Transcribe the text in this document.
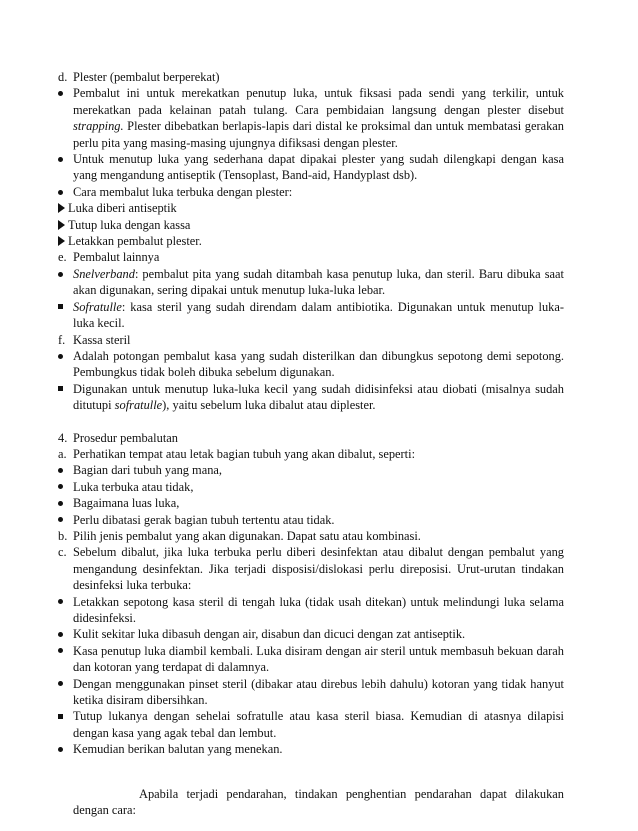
d. Plester (pembalut berperekat)

Pembalut ini untuk merekatkan penutup luka, untuk fiksasi pada sendi yang terkilir, untuk merekatkan pada kelainan patah tulang. Cara pembidaian langsung dengan plester disebut strapping. Plester dibebatkan berlapis-lapis dari distal ke proksimal dan untuk membatasi gerakan perlu pita yang masing-masing ujungnya difiksasi dengan plester.

Untuk menutup luka yang sederhana dapat dipakai plester yang sudah dilengkapi dengan kasa yang mengandung antiseptik (Tensoplast, Band-aid, Handyplast dsb).

Cara membalut luka terbuka dengan plester:

Luka diberi antiseptik

Tutup luka dengan kassa

Letakkan pembalut plester.

e. Pembalut lainnya

Snelverband: pembalut pita yang sudah ditambah kasa penutup luka, dan steril. Baru dibuka saat akan digunakan, sering dipakai untuk menutup luka-luka lebar.

Sofratulle: kasa steril yang sudah direndam dalam antibiotika. Digunakan untuk menutup luka-luka kecil.

f. Kassa steril

Adalah potongan pembalut kasa yang sudah disterilkan dan dibungkus sepotong demi sepotong. Pembungkus tidak boleh dibuka sebelum digunakan.

Digunakan untuk menutup luka-luka kecil yang sudah didisinfeksi atau diobati (misalnya sudah ditutupi sofratulle), yaitu sebelum luka dibalut atau diplester.

4. Prosedur pembalutan

a. Perhatikan tempat atau letak bagian tubuh yang akan dibalut, seperti:

Bagian dari tubuh yang mana,

Luka terbuka atau tidak,

Bagaimana luas luka,

Perlu dibatasi gerak bagian tubuh tertentu atau tidak.

b. Pilih jenis pembalut yang akan digunakan. Dapat satu atau kombinasi.

c. Sebelum dibalut, jika luka terbuka perlu diberi desinfektan atau dibalut dengan pembalut yang mengandung desinfektan. Jika terjadi disposisi/dislokasi perlu direposisi. Urut-urutan tindakan desinfeksi luka terbuka:

Letakkan sepotong kasa steril di tengah luka (tidak usah ditekan) untuk melindungi luka selama didesinfeksi.

Kulit sekitar luka dibasuh dengan air, disabun dan dicuci dengan zat antiseptik.

Kasa penutup luka diambil kembali. Luka disiram dengan air steril untuk membasuh bekuan darah dan kotoran yang terdapat di dalamnya.

Dengan menggunakan pinset steril (dibakar atau direbus lebih dahulu) kotoran yang tidak hanyut ketika disiram dibersihkan.

Tutup lukanya dengan sehelai sofratulle atau kasa steril biasa. Kemudian di atasnya dilapisi dengan kasa yang agak tebal dan lembut.

Kemudian berikan balutan yang menekan.

Apabila terjadi pendarahan, tindakan penghentian pendarahan dapat dilakukan dengan cara:
